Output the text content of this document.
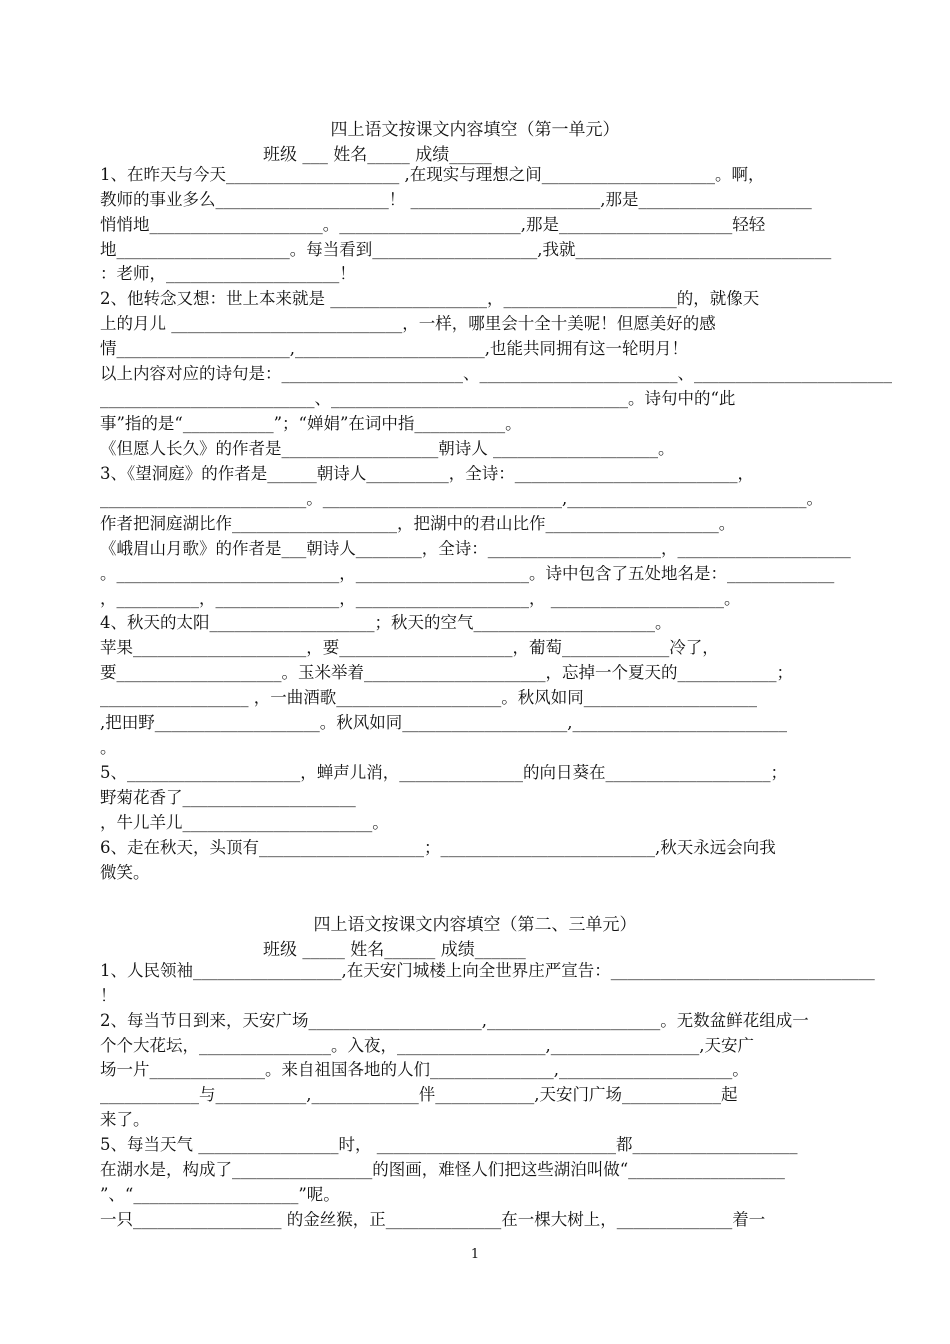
四上语文按课文内容填空（第一单元）
班级 ___ 姓名_____ 成绩_____
1、在昨天与今天_____________________ ,在现实与理想之间_____________________。啊，
教师的事业多么_____________________！ _______________________,那是_____________________
悄悄地_____________________。______________________,那是_____________________轻轻
地_____________________。每当看到____________________,我就_______________________________
：老师，_____________________！
2、他转念又想：世上本来就是 ___________________，_____________________的，就像天
上的月儿 ____________________________，一样，哪里会十全十美呢！但愿美好的感
情_____________________,_______________________,也能共同拥有这一轮明月！
以上内容对应的诗句是：______________________、________________________、________________________
__________________________、____________________________________。诗句中的“此
事”指的是“___________”；“婵娟”在词中指___________。
《但愿人长久》的作者是___________________朝诗人 ____________________。
3、《望洞庭》的作者是______朝诗人__________，全诗：___________________________，
_________________________。_____________________________,_____________________________。
作者把洞庭湖比作____________________，把湖中的君山比作_____________________。
《峨眉山月歌》的作者是___朝诗人________，全诗：_____________________，_____________________
。___________________________，_____________________。诗中包含了五处地名是：_____________
，__________，_______________，_____________________， _____________________。
4、秋天的太阳____________________；秋天的空气______________________。
苹果_____________________，要_____________________，葡萄_____________冷了，
要____________________。玉米举着______________________，忘掉一个夏天的____________；
__________________ ，一曲酒歌____________________。秋风如同_____________________
,把田野____________________。秋风如同____________________,__________________________
。
5、_____________________，蝉声儿消，_______________的向日葵在____________________；
野菊花香了_____________________
，牛儿羊儿_______________________。
6、走在秋天，头顶有____________________；__________________________,秋天永远会向我
微笑。
四上语文按课文内容填空（第二、三单元）
班级 _____ 姓名______ 成绩______
1、人民领袖__________________,在天安门城楼上向全世界庄严宣告：________________________________
！
2、每当节日到来，天安广场_____________________,_____________________。无数盆鲜花组成一
个个大花坛，________________。入夜，__________________,__________________,天安广
场一片______________。来自祖国各地的人们_______________,_____________________。
____________与___________,_____________伴____________,天安门广场____________起
来了。
5、每当天气 _________________时， _____________________________都____________________
在湖水是，构成了_________________的图画，难怪人们把这些湖泊叫做“___________________
”、“____________________”呢。
一只__________________ 的金丝猴，正______________在一棵大树上，______________着一
1
